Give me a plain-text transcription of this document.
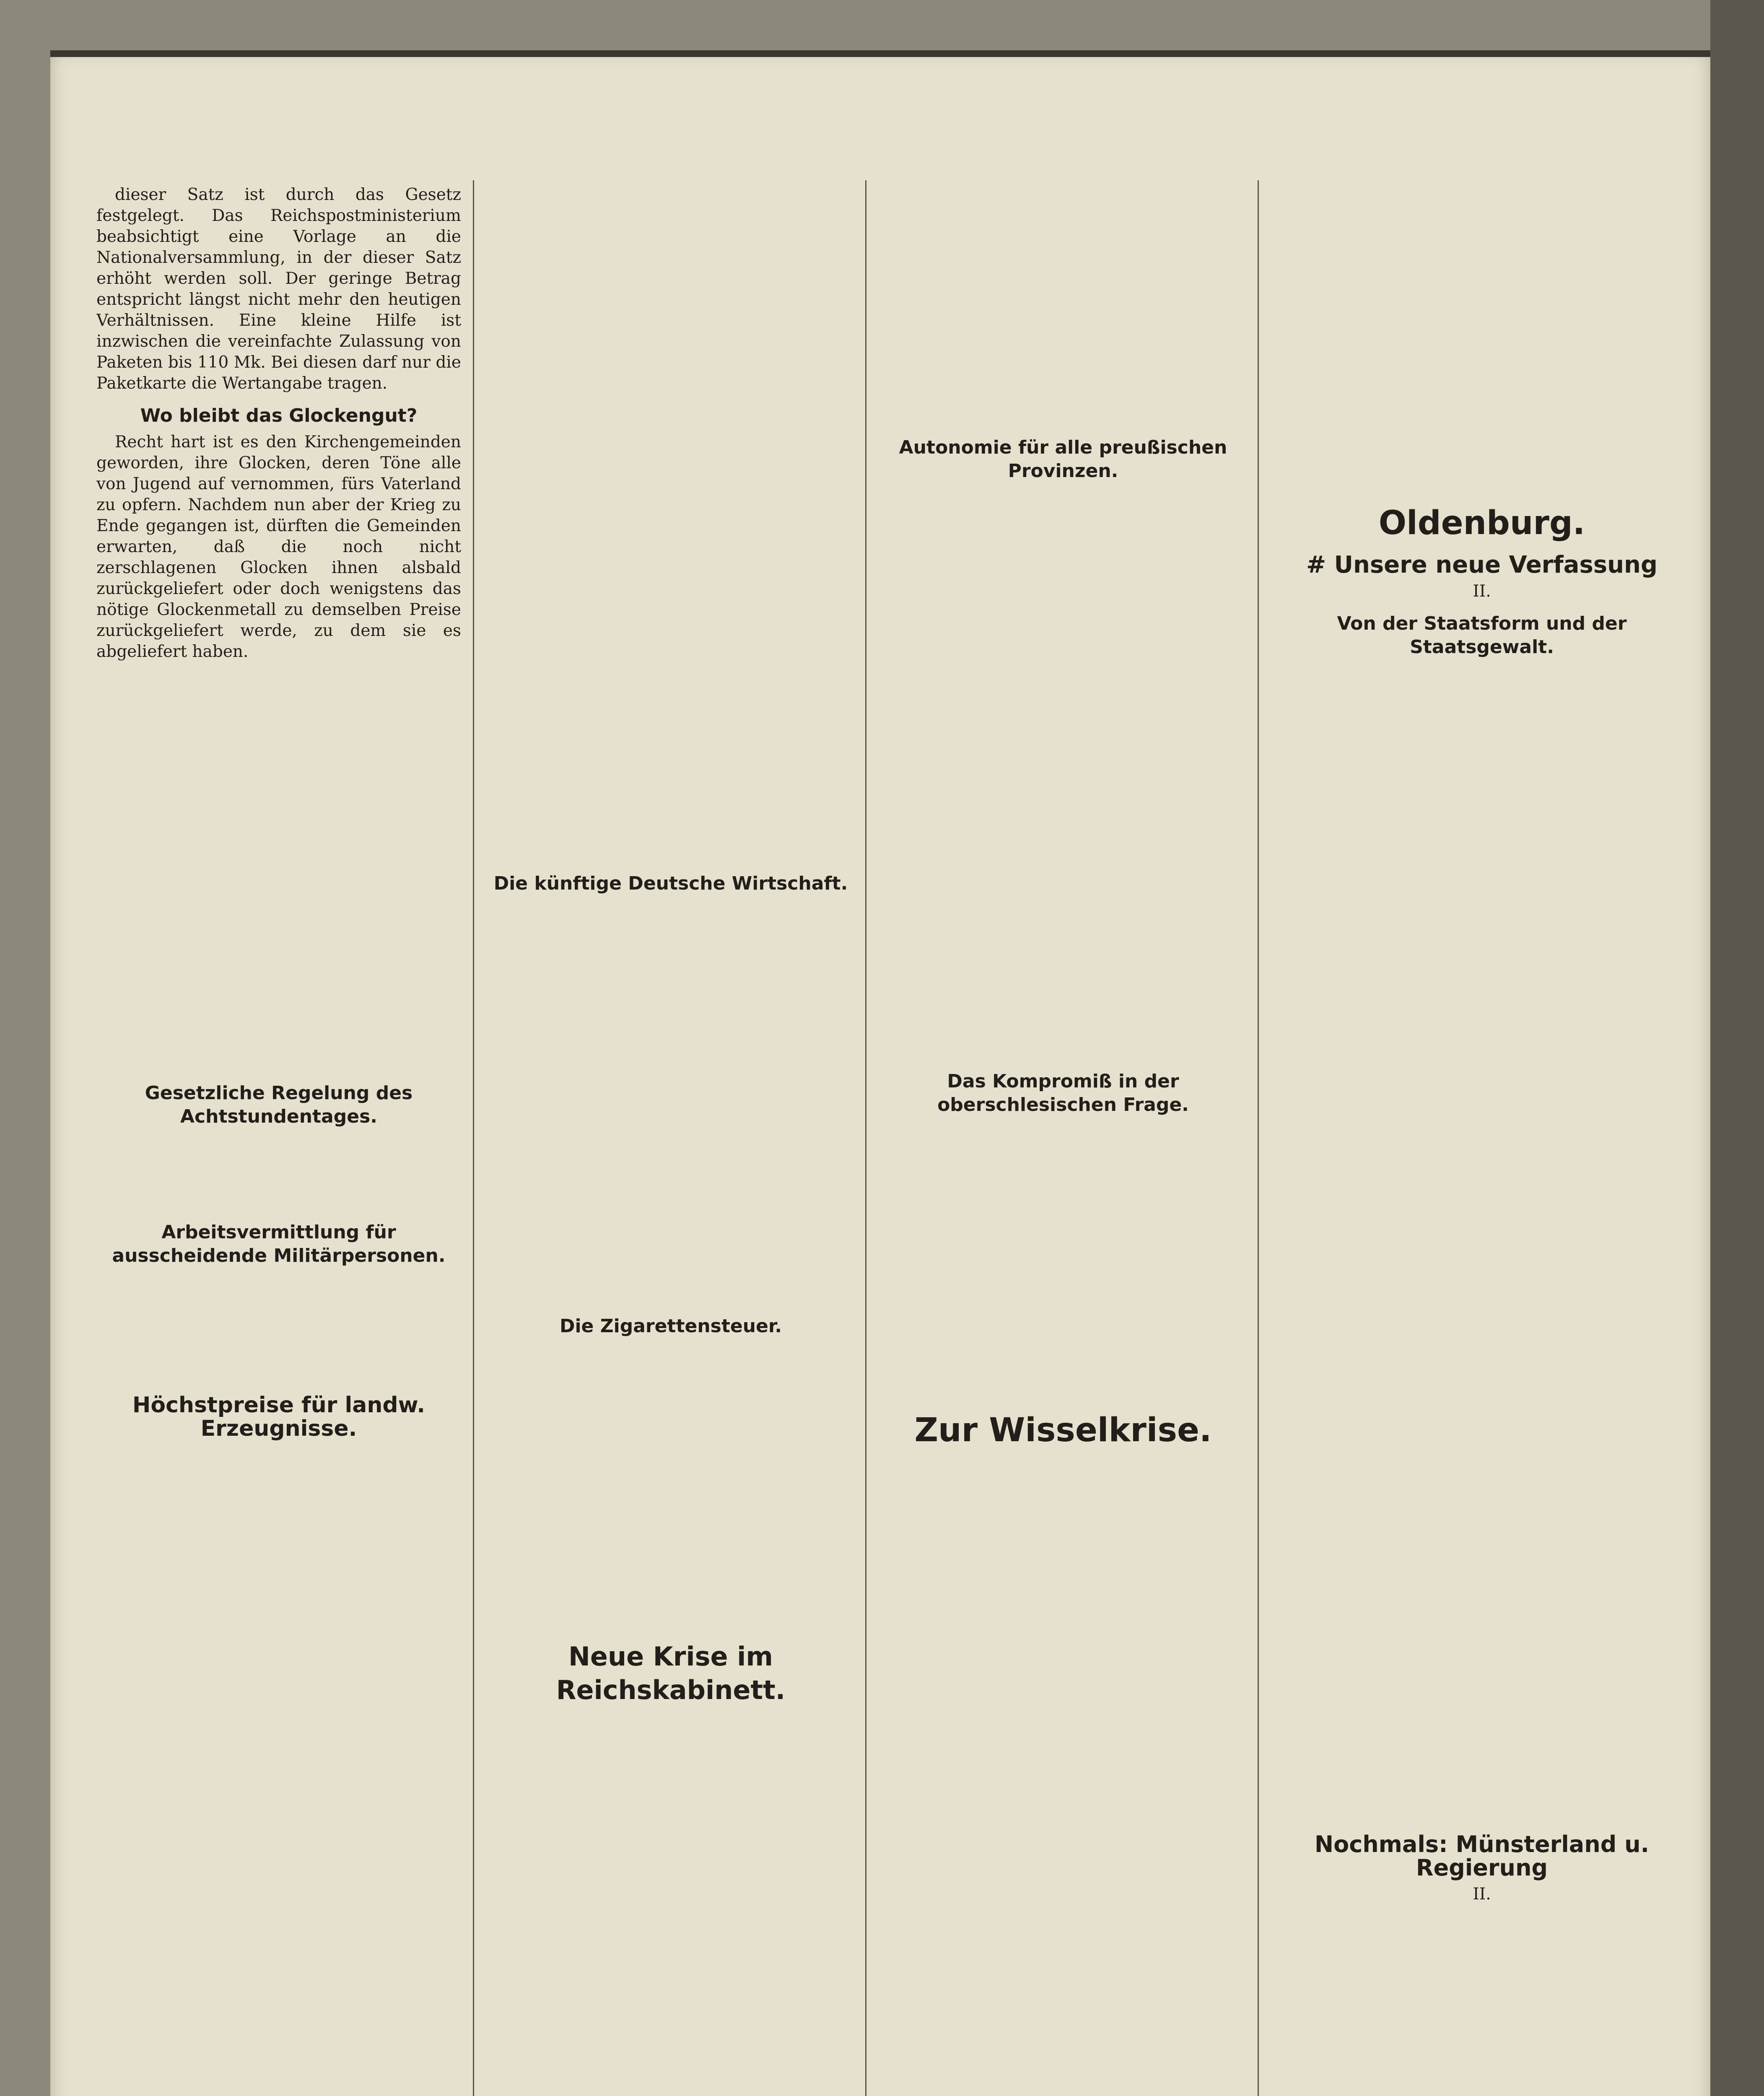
dieser Satz ist durch das Gesetz festgelegt. Das Reichspostministerium beabsichtigt eine Vorlage an die Nationalversammlung, in der dieser Satz erhöht werden soll. Der geringe Betrag entspricht längst nicht mehr den heutigen Verhältnissen. Eine kleine Hilfe ist inzwischen die vereinfachte Zulassung von Paketen bis 110 Mk. Bei diesen darf nur die Paketkarte die Wertangabe tragen.

Wo bleibt das Glockengut?

Recht hart ist es den Kirchengemeinden geworden, ihre Glocken, deren Töne alle von Jugend auf vernommen, fürs Vaterland zu opfern. Nachdem nun aber der Krieg zu Ende gegangen ist, dürften die Gemeinden erwarten, daß die noch nicht zerschlagenen Glocken ihnen alsbald zurückgeliefert oder doch wenigstens das nötige Glockenmetall zu demselben Preise zurückgeliefert werde, zu dem sie es abgeliefert haben.

Gesetzliche Regelung des Achtstundentages.
Arbeitsvermittlung für ausscheidende Militärpersonen.
Höchstpreise für landw. Erzeugnisse.
Die künftige Deutsche Wirtschaft.
Die Zigarettensteuer.
Neue Krise im Reichskabinett.
Autonomie für alle preußischen Provinzen.
Das Kompromiß in der oberschlesischen Frage.
Zur Wisselkrise.
Oldenburg.
# Unsere neue Verfassung
II.
Von der Staatsform und der Staatsgewalt.
Nochmals: Münsterland u. Regierung
II.
